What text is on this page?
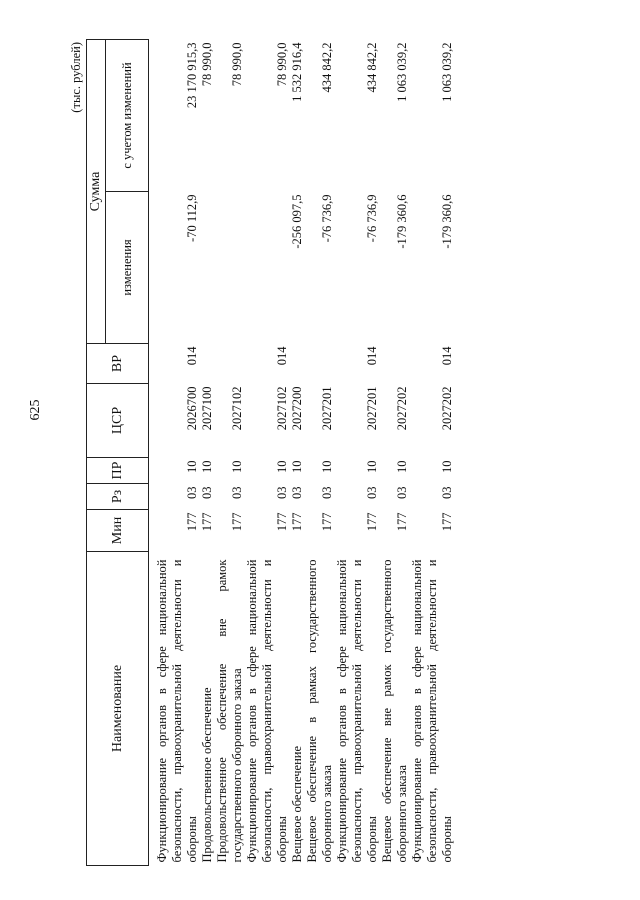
625
(тыс. рублей)
Наименование	Мин	Рз	ПР	ЦСР	ВР	Сумма	
						изменения	с учетом изменений
Функционирование органов в сфере национальной безопасности, правоохранительной деятельности и обороны	177	03	10	2026700	014	-70 112,9	23 170 915,3
Продовольственное обеспечение	177	03	10	2027100			78 990,0
Продовольственное обеспечение вне рамок государственного оборонного заказа	177	03	10	2027102			78 990,0
Функционирование органов в сфере национальной безопасности, правоохранительной деятельности и обороны	177	03	10	2027102	014		78 990,0
Вещевое обеспечение	177	03	10	2027200		-256 097,5	1 532 916,4
Вещевое обеспечение в рамках государственного оборонного заказа	177	03	10	2027201		-76 736,9	434 842,2
Функционирование органов в сфере национальной безопасности, правоохранительной деятельности и обороны	177	03	10	2027201	014	-76 736,9	434 842,2
Вещевое обеспечение вне рамок государственного оборонного заказа	177	03	10	2027202		-179 360,6	1 063 039,2
Функционирование органов в сфере национальной безопасности, правоохранительной деятельности и обороны	177	03	10	2027202	014	-179 360,6	1 063 039,2
